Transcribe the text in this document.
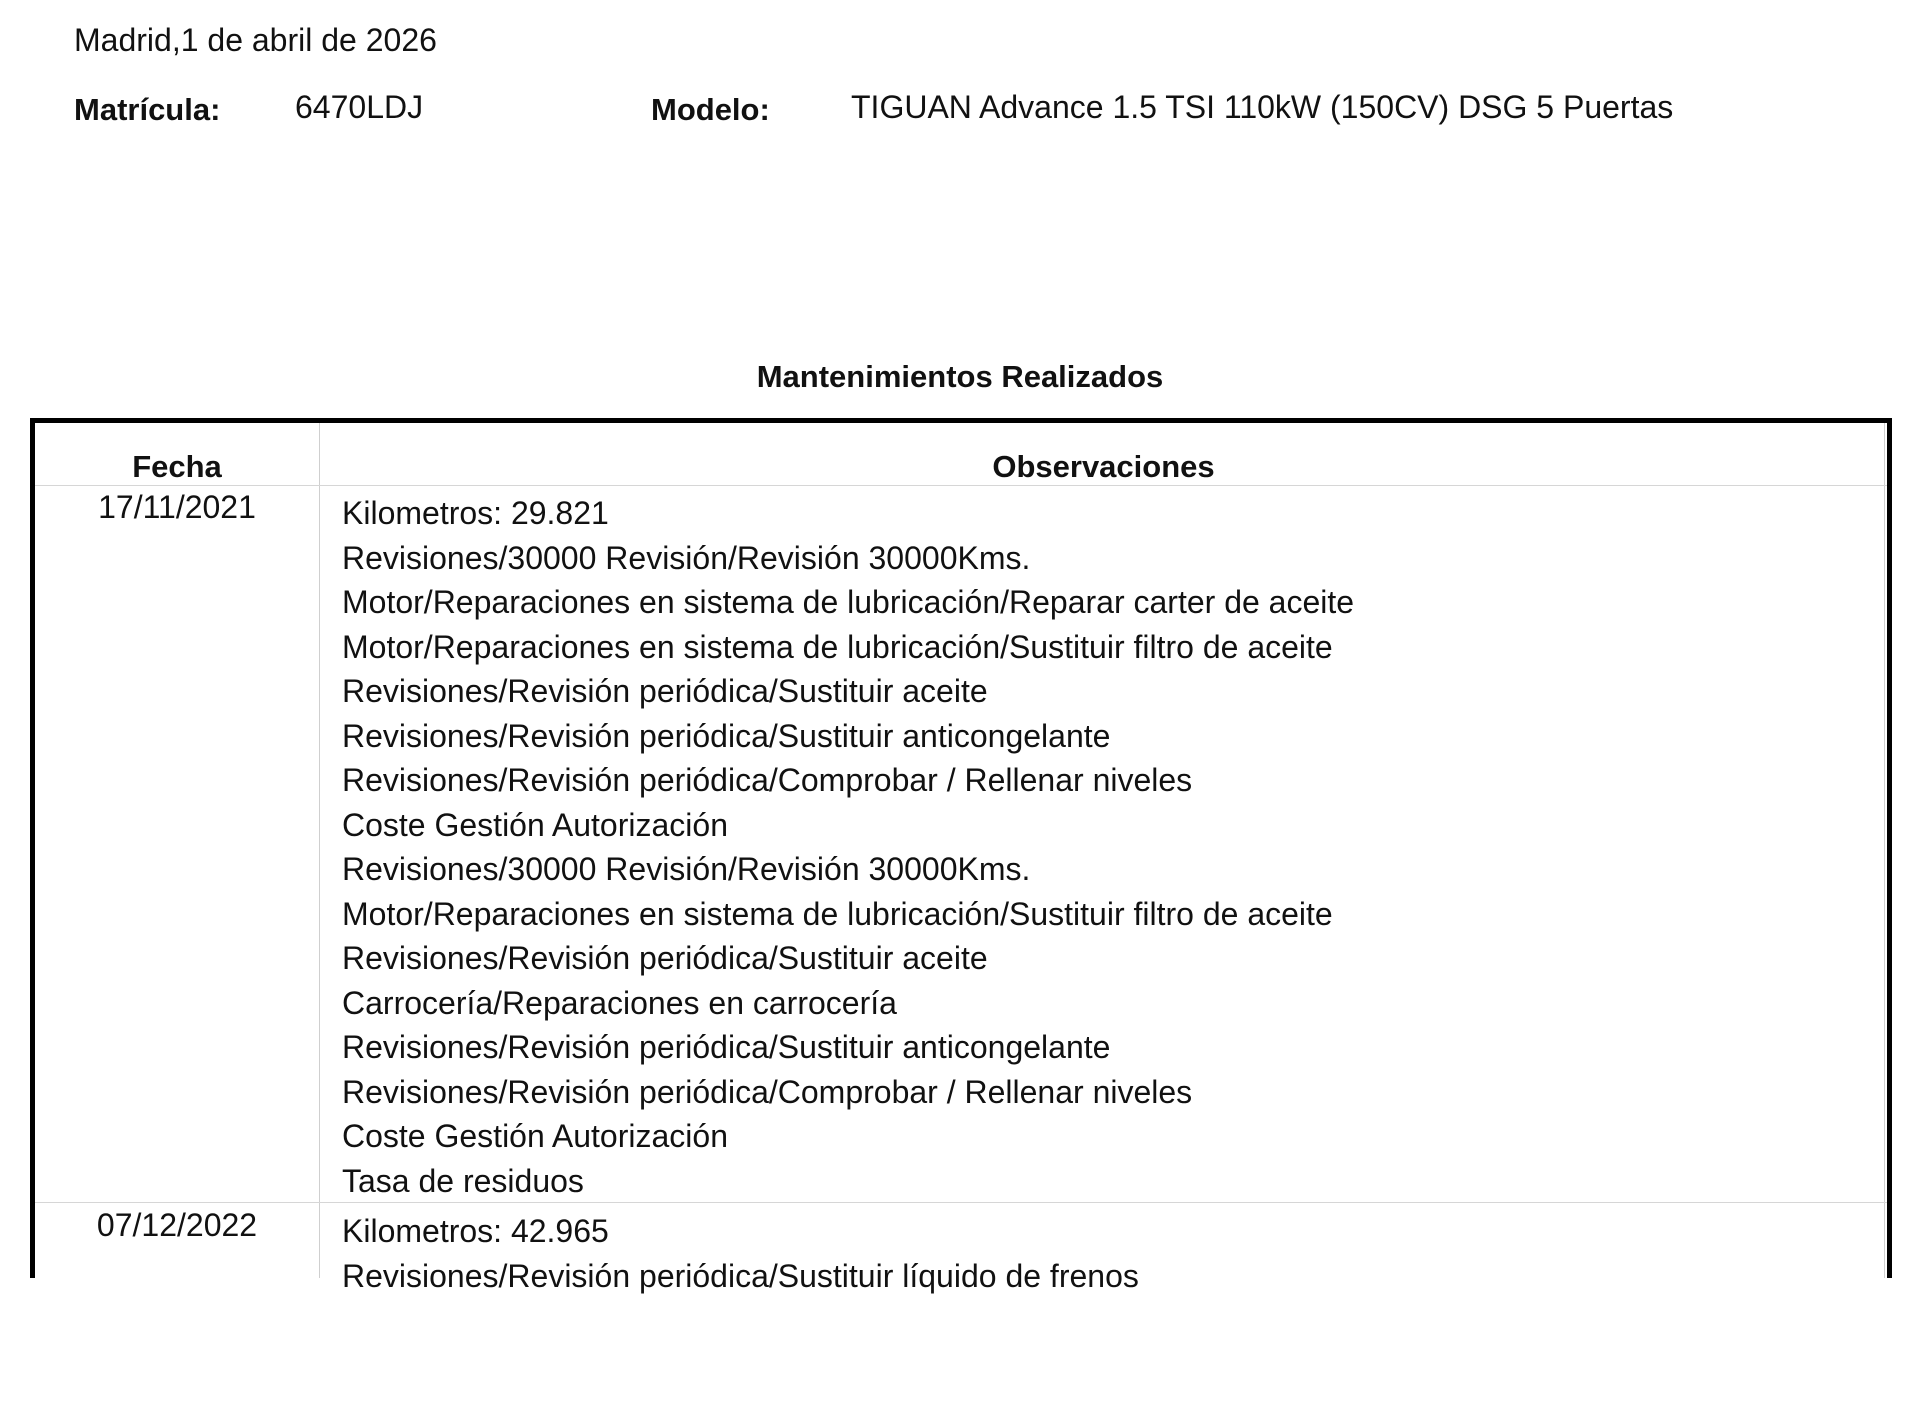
Madrid,1 de abril de 2026
Matrícula: 6470LDJ	Modelo:	TIGUAN Advance 1.5 TSI 110kW (150CV) DSG 5 Puertas
Mantenimientos Realizados
Fecha	Observaciones
17/11/2021	Kilometros: 29.821
Revisiones/30000 Revisión/Revisión 30000Kms.
Motor/Reparaciones en sistema de lubricación/Reparar carter de aceite
Motor/Reparaciones en sistema de lubricación/Sustituir filtro de aceite
Revisiones/Revisión periódica/Sustituir aceite
Revisiones/Revisión periódica/Sustituir anticongelante
Revisiones/Revisión periódica/Comprobar / Rellenar niveles
Coste Gestión Autorización
Revisiones/30000 Revisión/Revisión 30000Kms.
Motor/Reparaciones en sistema de lubricación/Sustituir filtro de aceite
Revisiones/Revisión periódica/Sustituir aceite
Carrocería/Reparaciones en carrocería
Revisiones/Revisión periódica/Sustituir anticongelante
Revisiones/Revisión periódica/Comprobar / Rellenar niveles
Coste Gestión Autorización
Tasa de residuos
07/12/2022	Kilometros: 42.965
Revisiones/Revisión periódica/Sustituir líquido de frenos
